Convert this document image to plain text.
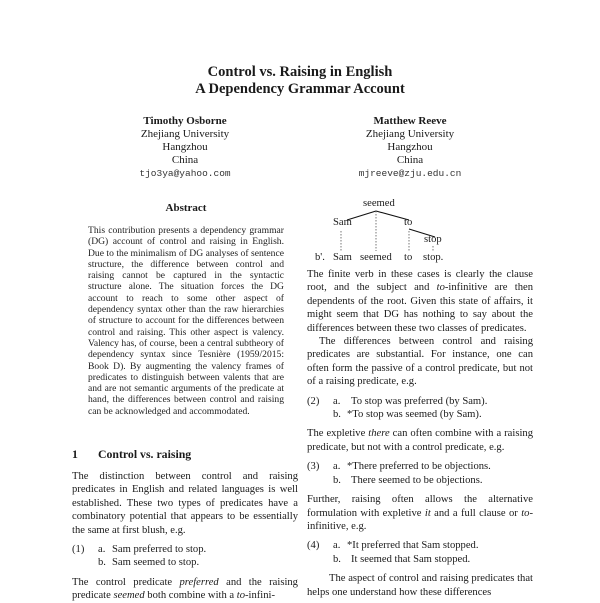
Control vs. Raising in English
A Dependency Grammar Account
Timothy Osborne
Zhejiang University
Hangzhou
China
tjo3ya@yahoo.com
Matthew Reeve
Zhejiang University
Hangzhou
China
mjreeve@zju.edu.cn
Abstract
This contribution presents a dependency grammar (DG) account of control and raising in English. Due to the minimalism of DG analyses of sentence structure, the difference between control and raising cannot be captured in the syntactic structure alone. The situation forces the DG account to reach to some other aspect of dependency syntax other than the raw hierarchies of structure to account for the differences between control and raising. This other aspect is valency. Valency has, of course, been a central subtheory of dependency syntax since Tesnière (1959/2015: Book D). By augmenting the valency frames of predicates to distinguish between valents that are and are not semantic arguments of the predicate at hand, the differences between control and raising can be acknowledged and accommodated.
1 Control vs. raising

The distinction between control and raising predicates in English and related languages is well established. These two types of predicates have a combinatory potential that appears to be essentially the same at first blush, e.g.

(1)	a. Sam preferred to stop.
b. Sam seemed to stop.

The control predicate preferred and the raising predicate seemed both combine with a to-infini-

seemed
Sam	to
stop
b'. Sam seemed to stop.

The finite verb in these cases is clearly the clause root, and the subject and to-infinitive are then dependents of the root. Given this state of affairs, it might seem that DG has nothing to say about the differences between these two classes of predicates.

The differences between control and raising predicates are substantial. For instance, one can often form the passive of a control predicate, but not of a raising predicate, e.g.

(2)	a.	To stop was preferred (by Sam).
b. *To stop was seemed (by Sam).

The expletive there can often combine with a raising predicate, but not with a control predicate, e.g.

(3)	a. *There preferred to be objections.
b. There seemed to be objections.

Further, raising often allows the alternative formulation with expletive it and a full clause or to-infinitive, e.g.

(4)	a. *It preferred that Sam stopped.
b. It seemed that Sam stopped.

The aspect of control and raising predicates that helps one understand how these differences
